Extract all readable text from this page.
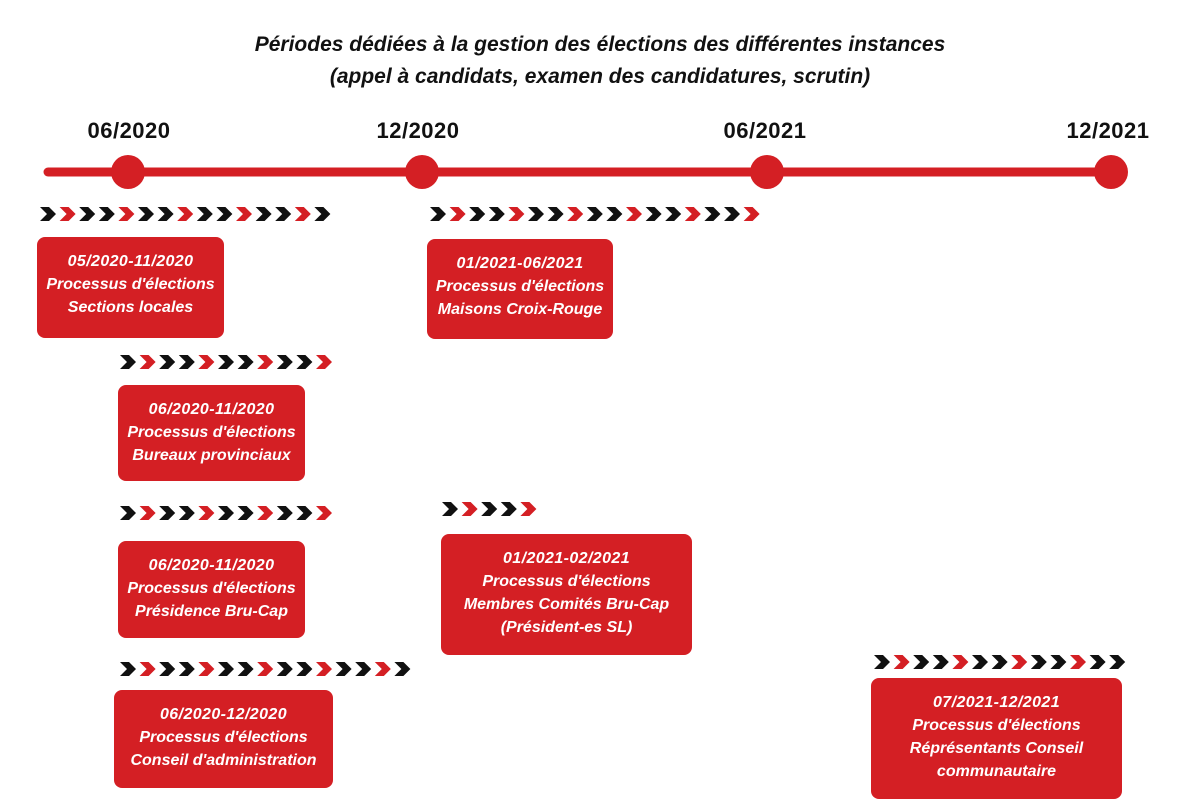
Périodes dédiées à la gestion des élections des différentes instances
(appel à candidats, examen des candidatures, scrutin)
06/2020	12/2020	06/2021	12/2021
05/2020-11/2020
Processus d'élections
Sections locales
01/2021-06/2021
Processus d'élections
Maisons Croix-Rouge
06/2020-11/2020
Processus d'élections
Bureaux provinciaux
06/2020-11/2020
Processus d'élections
Présidence Bru-Cap
01/2021-02/2021
Processus d'élections
Membres Comités Bru-Cap
(Président-es SL)
06/2020-12/2020
Processus d'élections
Conseil d'administration
07/2021-12/2021
Processus d'élections
Réprésentants Conseil
communautaire
